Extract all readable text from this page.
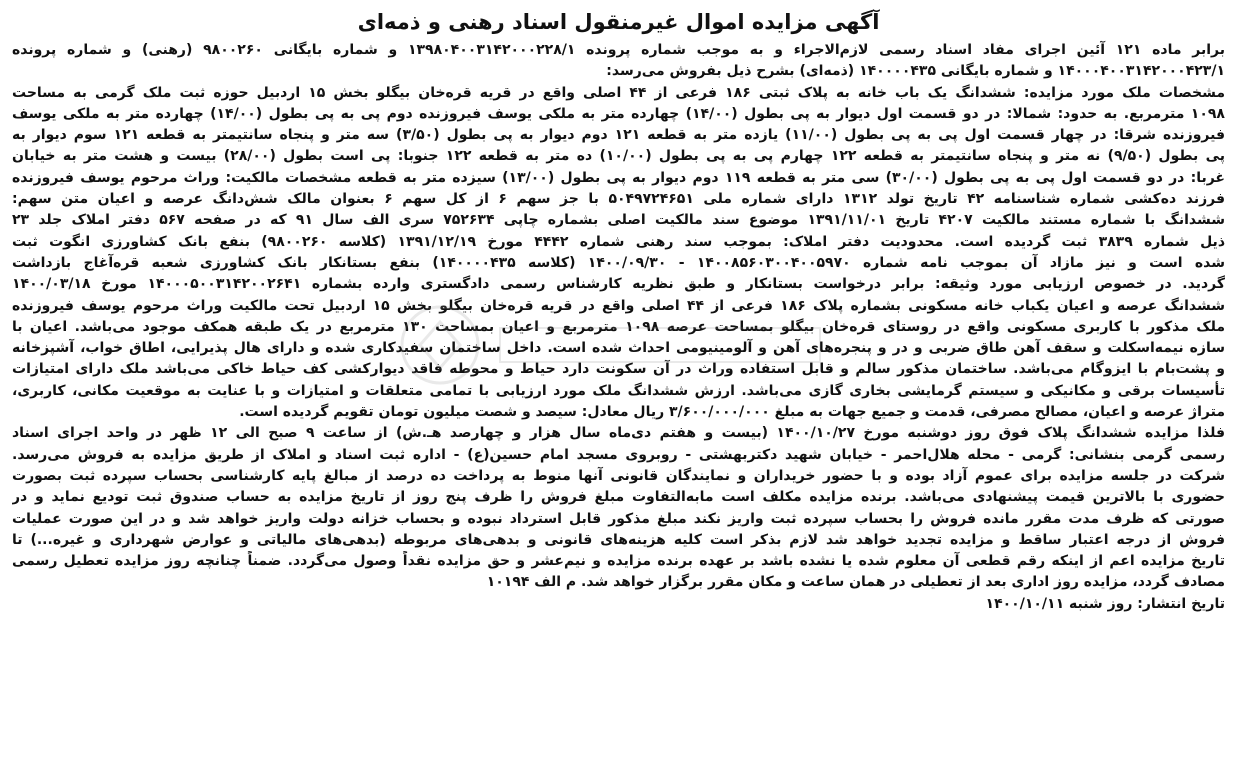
آگهی مزایده اموال غیرمنقول اسناد رهنی و ذمه‌ای
برابر ماده ۱۲۱ آئین اجرای مفاد اسناد رسمی لازم‌الاجراء و به موجب شماره پرونده ۱۳۹۸۰۴۰۰۳۱۴۲۰۰۰۲۲۸/۱ و شماره بایگانی ۹۸۰۰۲۶۰ (رهنی) و شماره پرونده
۱۴۰۰۰۴۰۰۳۱۴۲۰۰۰۴۲۳/۱ و شماره بایگانی ۱۴۰۰۰۰۴۳۵ (ذمه‌ای) بشرح ذیل بفروش می‌رسد:
مشخصات ملک مورد مزایده: ششدانگ یک باب خانه به پلاک ثبتی ۱۸۶ فرعی از ۴۴ اصلی واقع در قریه قره‌خان بیگلو بخش ۱۵ اردبیل حوزه ثبت ملک گرمی به مساحت
۱۰۹۸ مترمربع. به حدود: شمالا: در دو قسمت اول دیوار به پی بطول (۱۴/۰۰) چهارده متر به ملکی یوسف فیروزنده دوم پی به پی بطول (۱۴/۰۰) چهارده متر به ملکی یوسف
فیروزنده شرقا: در چهار قسمت اول پی به پی بطول (۱۱/۰۰) یازده متر به قطعه ۱۲۱ دوم دیوار به پی بطول (۳/۵۰) سه متر و پنجاه سانتیمتر به قطعه ۱۲۱ سوم دیوار به
پی بطول (۹/۵۰) نه متر و پنجاه سانتیمتر به قطعه ۱۲۲ چهارم پی به پی بطول (۱۰/۰۰) ده متر به قطعه ۱۲۲ جنوبا: پی است بطول (۲۸/۰۰) بیست و هشت متر به خیابان
غربا: در دو قسمت اول پی به پی بطول (۳۰/۰۰) سی متر به قطعه ۱۱۹ دوم دیوار به پی بطول (۱۳/۰۰) سیزده متر به قطعه مشخصات مالکیت: وراث مرحوم یوسف فیروزنده
فرزند ده‌کشی شماره شناسنامه ۴۲ تاریخ تولد ۱۳۱۲ دارای شماره ملی ۵۰۴۹۷۲۴۶۵۱ با جز سهم ۶ از کل سهم ۶ بعنوان مالک شش‌دانگ عرصه و اعیان متن سهم:
ششدانگ با شماره مستند مالکیت ۴۲۰۷ تاریخ ۱۳۹۱/۱۱/۰۱ موضوع سند مالکیت اصلی بشماره چاپی ۷۵۲۶۳۴ سری الف سال ۹۱ که در صفحه ۵۶۷ دفتر املاک جلد ۲۳
ذیل شماره ۳۸۳۹ ثبت گردیده است. محدودیت دفتر املاک: بموجب سند رهنی شماره ۴۴۴۲ مورخ ۱۳۹۱/۱۲/۱۹ (کلاسه ۹۸۰۰۲۶۰) بنفع بانک کشاورزی انگوت ثبت
شده است و نیز مازاد آن بموجب نامه شماره ۱۴۰۰۸۵۶۰۳۰۰۴۰۰۵۹۷۰ - ۱۴۰۰/۰۹/۳۰ (کلاسه ۱۴۰۰۰۰۴۳۵) بنفع بستانکار بانک کشاورزی شعبه قره‌آغاج بازداشت
گردید. در خصوص ارزیابی مورد وثیقه: برابر درخواست بستانکار و طبق نظریه کارشناس رسمی دادگستری وارده بشماره ۱۴۰۰۰۵۰۰۳۱۴۲۰۰۲۶۴۱ مورخ ۱۴۰۰/۰۳/۱۸
ششدانگ عرصه و اعیان یکباب خانه مسکونی بشماره پلاک ۱۸۶ فرعی از ۴۴ اصلی واقع در قریه قره‌خان بیگلو بخش ۱۵ اردبیل تحت مالکیت وراث مرحوم یوسف فیروزنده
ملک مذکور با کاربری مسکونی واقع در روستای قره‌خان بیگلو بمساحت عرصه ۱۰۹۸ مترمربع و اعیان بمساحت ۱۳۰ مترمربع در یک طبقه همکف موجود می‌باشد. اعیان با
سازه نیمه‌اسکلت و سقف آهن طاق ضربی و در و پنجره‌های آهن و آلومینیومی احداث شده است. داخل ساختمان سفیدکاری شده و دارای هال پذیرایی، اطاق خواب، آشپزخانه
و پشت‌بام با ایزوگام می‌باشد. ساختمان مذکور سالم و قابل استفاده وراث در آن سکونت دارد حیاط و محوطه فاقد دیوارکشی کف حیاط خاکی می‌باشد ملک دارای امتیازات
تأسیسات برقی و مکانیکی و سیستم گرمایشی بخاری گازی می‌باشد. ارزش ششدانگ ملک مورد ارزیابی با تمامی متعلقات و امتیازات و با عنایت به موقعیت مکانی، کاربری،
متراژ عرصه و اعیان، مصالح مصرفی، قدمت و جمیع جهات به مبلغ ۳/۶۰۰/۰۰۰/۰۰۰ ریال معادل: سیصد و شصت میلیون تومان تقویم گردیده است.
فلذا مزایده ششدانگ پلاک فوق روز دوشنبه مورخ ۱۴۰۰/۱۰/۲۷ (بیست و هفتم دی‌ماه سال هزار و چهارصد هـ.ش) از ساعت ۹ صبح الی ۱۲ ظهر در واحد اجرای اسناد
رسمی گرمی بنشانی: گرمی - محله هلال‌احمر - خیابان شهید دکتربهشتی - روبروی مسجد امام حسین(ع) - اداره ثبت اسناد و املاک از طریق مزایده به فروش می‌رسد.
شرکت در جلسه مزایده برای عموم آزاد بوده و با حضور خریداران و نمایندگان قانونی آنها منوط به پرداخت ده درصد از مبالغ پایه کارشناسی بحساب سپرده ثبت بصورت
حضوری با بالاترین قیمت پیشنهادی می‌باشد. برنده مزایده مکلف است مابه‌التفاوت مبلغ فروش را ظرف پنج روز از تاریخ مزایده به حساب صندوق ثبت تودیع نماید و در
صورتی که ظرف مدت مقرر مانده فروش را بحساب سپرده ثبت واریز نکند مبلغ مذکور قابل استرداد نبوده و بحساب خزانه دولت واریز خواهد شد و در این صورت عملیات
فروش از درجه اعتبار ساقط و مزایده تجدید خواهد شد لازم بذکر است کلیه هزینه‌های قانونی و بدهی‌های مربوطه (بدهی‌های مالیاتی و عوارض شهرداری و غیره...) تا
تاریخ مزایده اعم از اینکه رقم قطعی آن معلوم شده یا نشده باشد بر عهده برنده مزایده و نیم‌عشر و حق مزایده نقداً وصول می‌گردد. ضمناً چنانچه روز مزایده تعطیل رسمی
مصادف گردد، مزایده روز اداری بعد از تعطیلی در همان ساعت و مکان مقرر برگزار خواهد شد. م الف ۱۰۱۹۴
تاریخ انتشار: روز شنبه ۱۴۰۰/۱۰/۱۱
